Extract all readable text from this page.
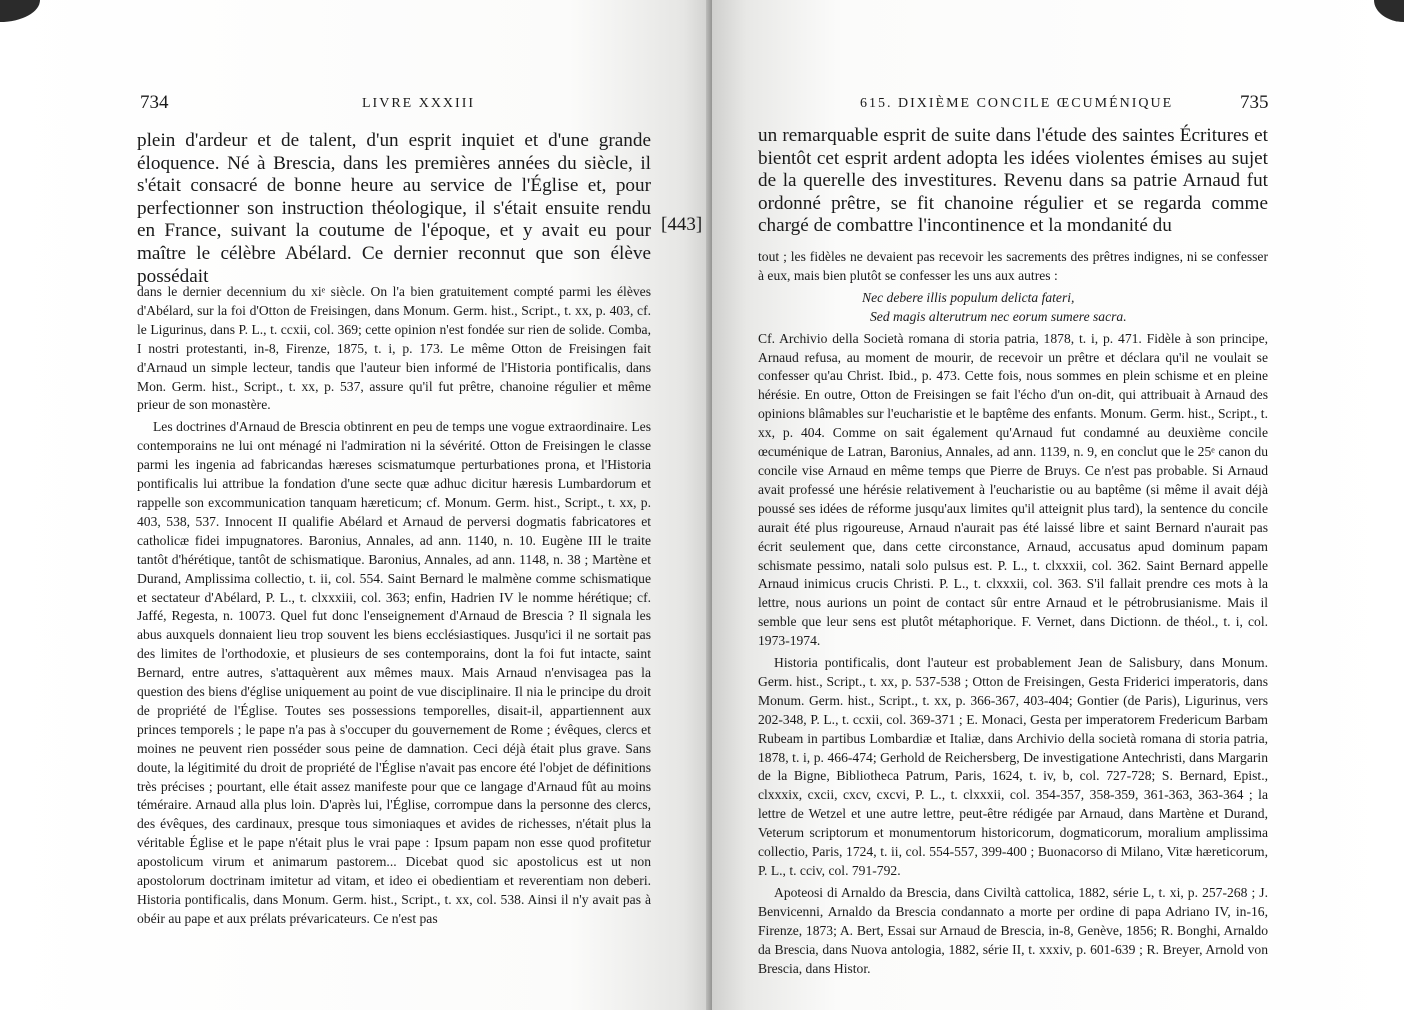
734	LIVRE XXXIII
plein d'ardeur et de talent, d'un esprit inquiet et d'une grande éloquence. Né à Brescia, dans les premières années du siècle, il s'était consacré de bonne heure au service de l'Église et, pour perfectionner son instruction théologique, il s'était ensuite rendu en France, suivant la coutume de l'époque, et y avait eu pour maître le célèbre Abélard. Ce dernier reconnut que son élève possédait
[443]

dans le dernier decennium du xiᵉ siècle. On l'a bien gratuitement compté parmi les élèves d'Abélard, sur la foi d'Otton de Freisingen, dans Monum. Germ. hist., Script., t. xx, p. 403, cf. le Ligurinus, dans P. L., t. ccxii, col. 369; cette opinion n'est fondée sur rien de solide. Comba, I nostri protestanti, in-8, Firenze, 1875, t. i, p. 173. Le même Otton de Freisingen fait d'Arnaud un simple lecteur, tandis que l'auteur bien informé de l'Historia pontificalis, dans Mon. Germ. hist., Script., t. xx, p. 537, assure qu'il fut prêtre, chanoine régulier et même prieur de son monastère.

Les doctrines d'Arnaud de Brescia obtinrent en peu de temps une vogue extraordinaire. Les contemporains ne lui ont ménagé ni l'admiration ni la sévérité. Otton de Freisingen le classe parmi les ingenia ad fabricandas hæreses scismatumque perturbationes prona, et l'Historia pontificalis lui attribue la fondation d'une secte quæ adhuc dicitur hæresis Lumbardorum et rappelle son excommunication tanquam hæreticum; cf. Monum. Germ. hist., Script., t. xx, p. 403, 538, 537. Innocent II qualifie Abélard et Arnaud de perversi dogmatis fabricatores et catholicæ fidei impugnatores. Baronius, Annales, ad ann. 1140, n. 10. Eugène III le traite tantôt d'hérétique, tantôt de schismatique. Baronius, Annales, ad ann. 1148, n. 38 ; Martène et Durand, Amplissima collectio, t. ii, col. 554. Saint Bernard le malmène comme schismatique et sectateur d'Abélard, P. L., t. clxxxiii, col. 363; enfin, Hadrien IV le nomme hérétique; cf. Jaffé, Regesta, n. 10073. Quel fut donc l'enseignement d'Arnaud de Brescia ? Il signala les abus auxquels donnaient lieu trop souvent les biens ecclésiastiques. Jusqu'ici il ne sortait pas des limites de l'orthodoxie, et plusieurs de ses contemporains, dont la foi fut intacte, saint Bernard, entre autres, s'attaquèrent aux mêmes maux. Mais Arnaud n'envisagea pas la question des biens d'église uniquement au point de vue disciplinaire. Il nia le principe du droit de propriété de l'Église. Toutes ses possessions temporelles, disait-il, appartiennent aux princes temporels ; le pape n'a pas à s'occuper du gouvernement de Rome ; évêques, clercs et moines ne peuvent rien posséder sous peine de damnation. Ceci déjà était plus grave. Sans doute, la légitimité du droit de propriété de l'Église n'avait pas encore été l'objet de définitions très précises ; pourtant, elle était assez manifeste pour que ce langage d'Arnaud fût au moins téméraire. Arnaud alla plus loin. D'après lui, l'Église, corrompue dans la personne des clercs, des évêques, des cardinaux, presque tous simoniaques et avides de richesses, n'était plus la véritable Église et le pape n'était plus le vrai pape : Ipsum papam non esse quod profitetur apostolicum virum et animarum pastorem... Dicebat quod sic apostolicus est ut non apostolorum doctrinam imitetur ad vitam, et ideo ei obedientiam et reverentiam non deberi. Historia pontificalis, dans Monum. Germ. hist., Script., t. xx, col. 538. Ainsi il n'y avait pas à obéir au pape et aux prélats prévaricateurs. Ce n'est pas

615. DIXIÈME CONCILE ŒCUMÉNIQUE	735
un remarquable esprit de suite dans l'étude des saintes Écritures et bientôt cet esprit ardent adopta les idées violentes émises au sujet de la querelle des investitures. Revenu dans sa patrie Arnaud fut ordonné prêtre, se fit chanoine régulier et se regarda comme chargé de combattre l'incontinence et la mondanité du

tout ; les fidèles ne devaient pas recevoir les sacrements des prêtres indignes, ni se confesser à eux, mais bien plutôt se confesser les uns aux autres :

Nec debere illis populum delicta fateri,

Sed magis alterutrum nec eorum sumere sacra.

Cf. Archivio della Società romana di storia patria, 1878, t. i, p. 471. Fidèle à son principe, Arnaud refusa, au moment de mourir, de recevoir un prêtre et déclara qu'il ne voulait se confesser qu'au Christ. Ibid., p. 473. Cette fois, nous sommes en plein schisme et en pleine hérésie. En outre, Otton de Freisingen se fait l'écho d'un on-dit, qui attribuait à Arnaud des opinions blâmables sur l'eucharistie et le baptême des enfants. Monum. Germ. hist., Script., t. xx, p. 404. Comme on sait également qu'Arnaud fut condamné au deuxième concile œcuménique de Latran, Baronius, Annales, ad ann. 1139, n. 9, en conclut que le 25ᵉ canon du concile vise Arnaud en même temps que Pierre de Bruys. Ce n'est pas probable. Si Arnaud avait professé une hérésie relativement à l'eucharistie ou au baptême (si même il avait déjà poussé ses idées de réforme jusqu'aux limites qu'il atteignit plus tard), la sentence du concile aurait été plus rigoureuse, Arnaud n'aurait pas été laissé libre et saint Bernard n'aurait pas écrit seulement que, dans cette circonstance, Arnaud, accusatus apud dominum papam schismate pessimo, natali solo pulsus est. P. L., t. clxxxii, col. 362. Saint Bernard appelle Arnaud inimicus crucis Christi. P. L., t. clxxxii, col. 363. S'il fallait prendre ces mots à la lettre, nous aurions un point de contact sûr entre Arnaud et le pétrobrusianisme. Mais il semble que leur sens est plutôt métaphorique. F. Vernet, dans Dictionn. de théol., t. i, col. 1973-1974.

Historia pontificalis, dont l'auteur est probablement Jean de Salisbury, dans Monum. Germ. hist., Script., t. xx, p. 537-538 ; Otton de Freisingen, Gesta Friderici imperatoris, dans Monum. Germ. hist., Script., t. xx, p. 366-367, 403-404; Gontier (de Paris), Ligurinus, vers 202-348, P. L., t. ccxii, col. 369-371 ; E. Monaci, Gesta per imperatorem Fredericum Barbam Rubeam in partibus Lombardiæ et Italiæ, dans Archivio della società romana di storia patria, 1878, t. i, p. 466-474; Gerhold de Reichersberg, De investigatione Antechristi, dans Margarin de la Bigne, Bibliotheca Patrum, Paris, 1624, t. iv, b, col. 727-728; S. Bernard, Epist., clxxxix, cxcii, cxcv, cxcvi, P. L., t. clxxxii, col. 354-357, 358-359, 361-363, 363-364 ; la lettre de Wetzel et une autre lettre, peut-être rédigée par Arnaud, dans Martène et Durand, Veterum scriptorum et monumentorum historicorum, dogmaticorum, moralium amplissima collectio, Paris, 1724, t. ii, col. 554-557, 399-400 ; Buonacorso di Milano, Vitæ hæreticorum, P. L., t. cciv, col. 791-792.

Apoteosi di Arnaldo da Brescia, dans Civiltà cattolica, 1882, série L, t. xi, p. 257-268 ; J. Benvicenni, Arnaldo da Brescia condannato a morte per ordine di papa Adriano IV, in-16, Firenze, 1873; A. Bert, Essai sur Arnaud de Brescia, in-8, Genève, 1856; R. Bonghi, Arnaldo da Brescia, dans Nuova antologia, 1882, série II, t. xxxiv, p. 601-639 ; R. Breyer, Arnold von Brescia, dans Histor.
